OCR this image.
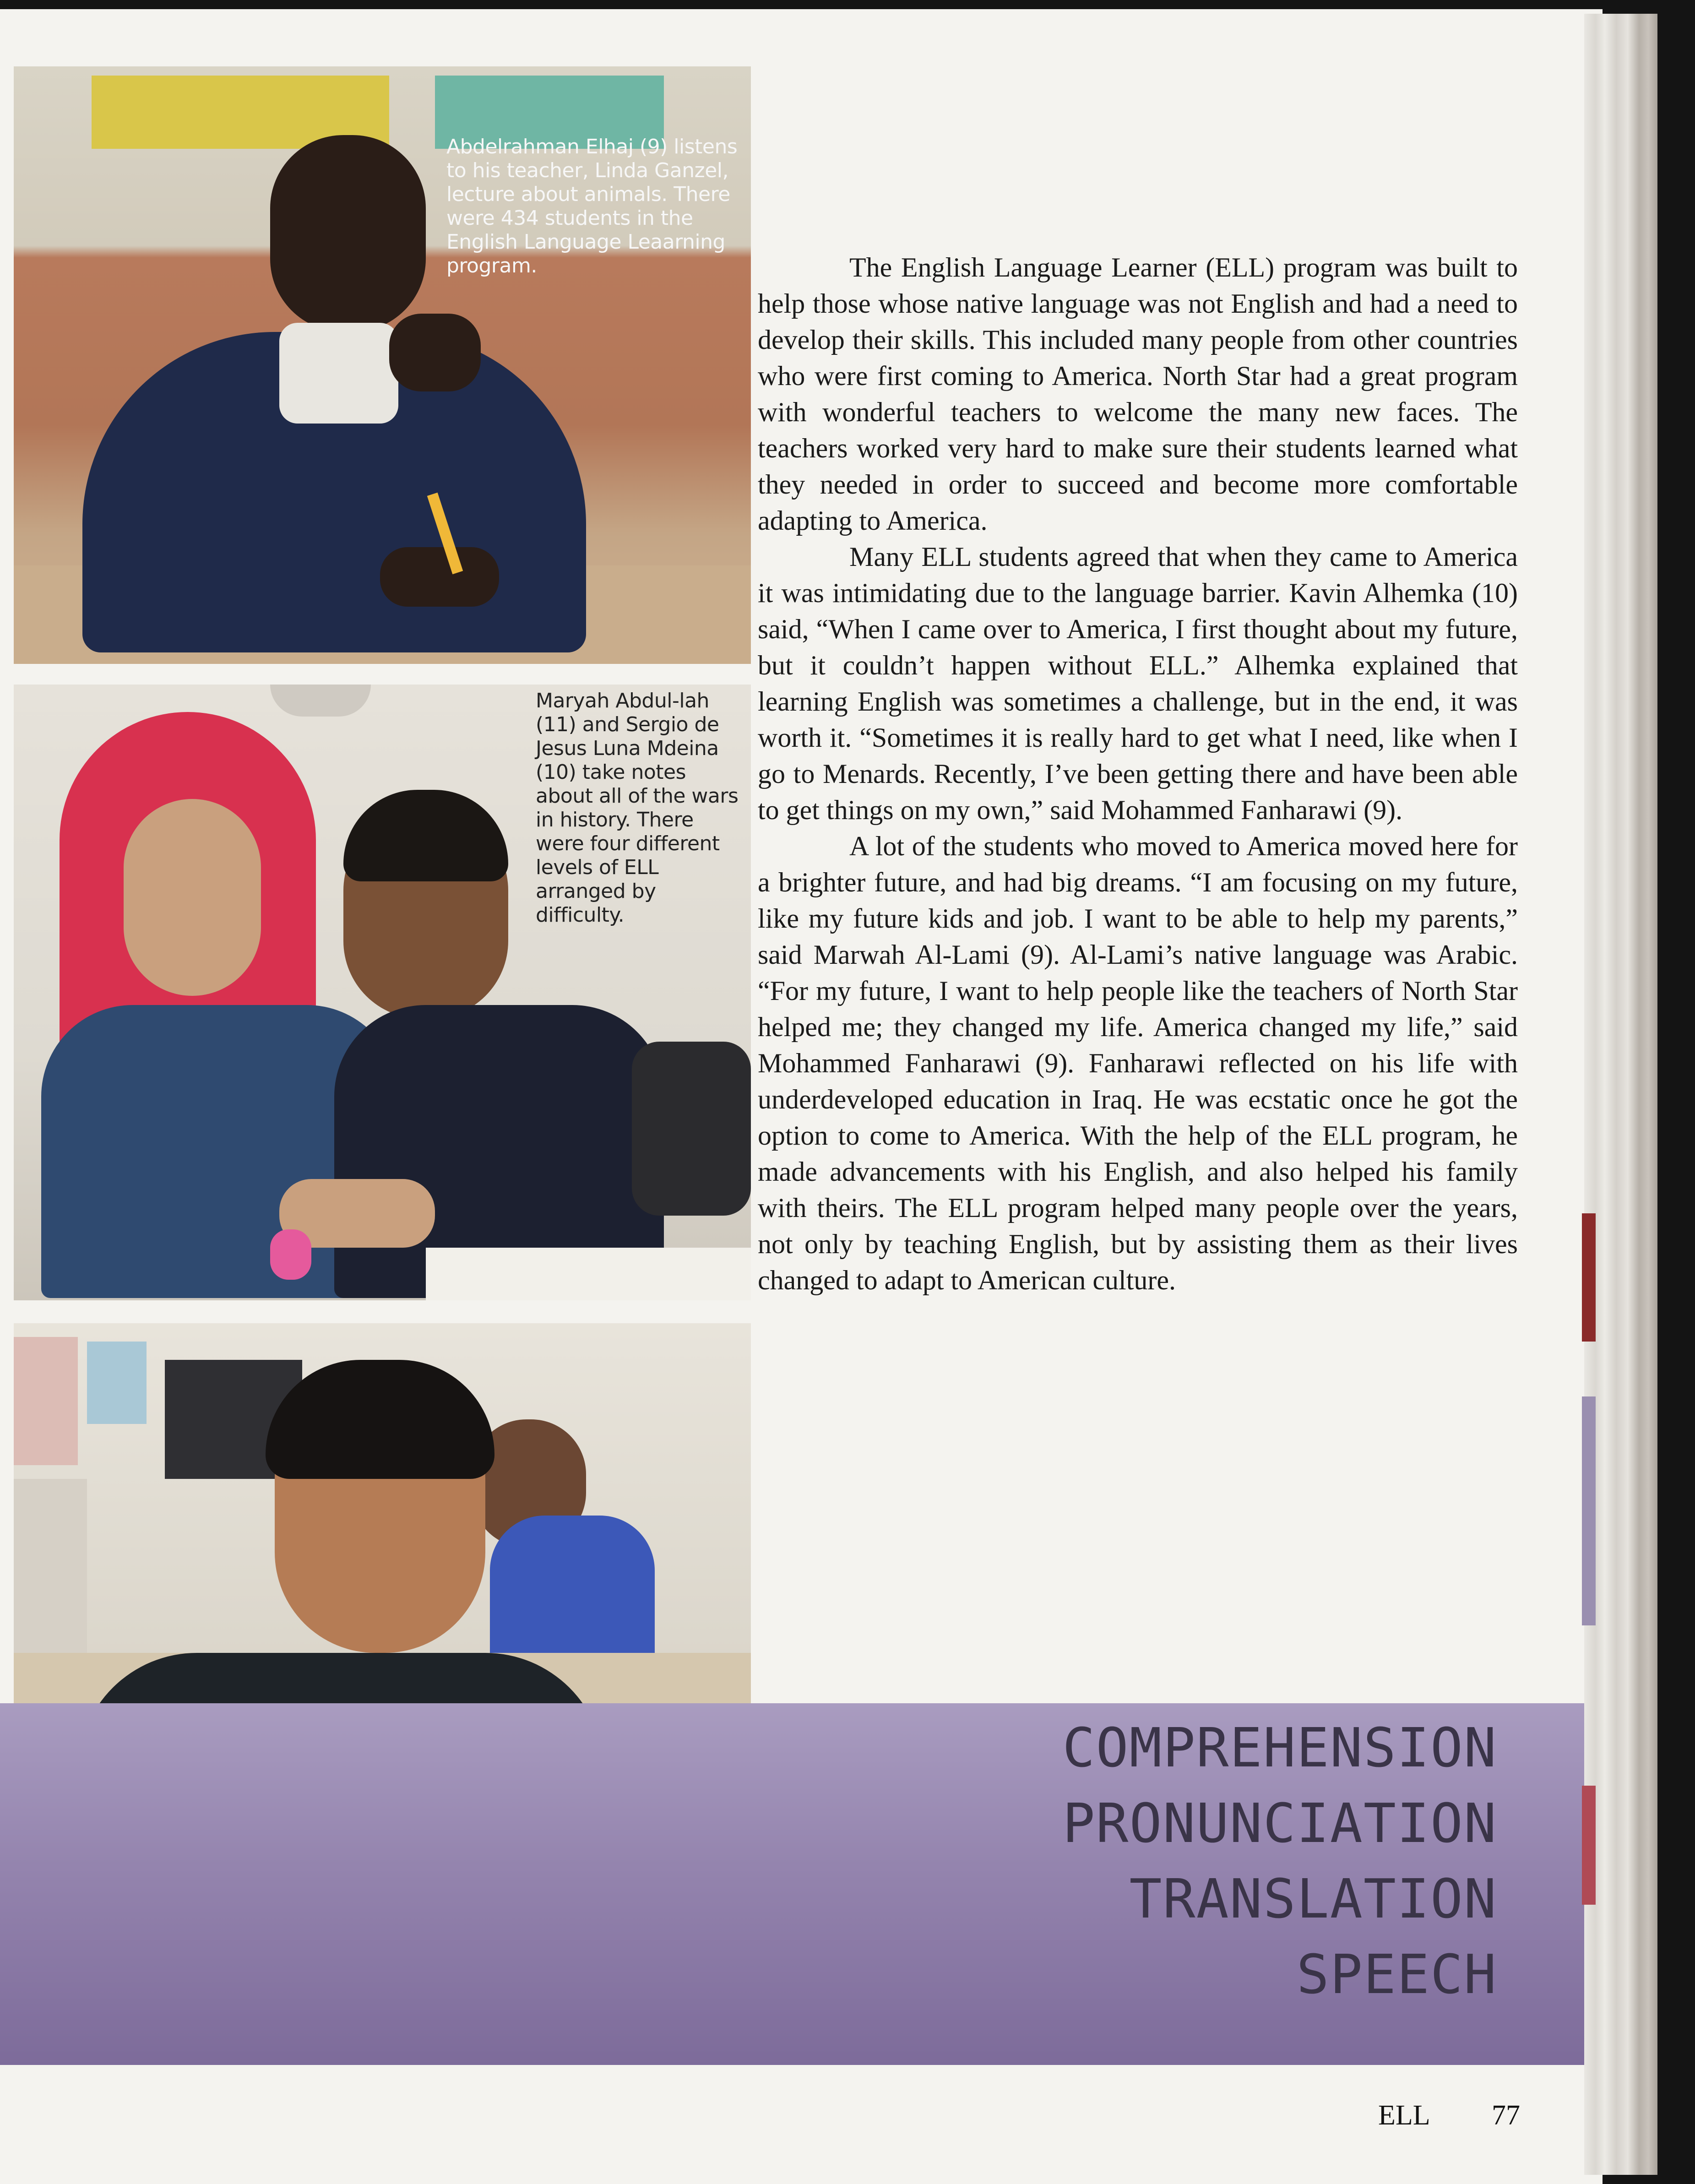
Abdelrahman Elhaj (9) listens to his teacher, Linda Ganzel, lecture about animals. There were 434 students in the English Language Leaarning program.

Maryah Abdul-lah (11) and Sergio de Jesus Luna Mdeina (10) take notes about all of the wars in history. There were four different levels of ELL arranged by difficulty.

COMPREHENSION
PRONUNCIATION
TRANSLATION
SPEECH

The English Language Learner (ELL) program was built to help those whose native language was not English and had a need to develop their skills. This included many people from other countries who were first coming to America. North Star had a great program with wonderful teachers to welcome the many new faces. The teachers worked very hard to make sure their students learned what they needed in order to succeed and become more comfortable adapting to America.

Many ELL students agreed that when they came to America it was intimidating due to the language barrier. Kavin Alhemka (10) said, “When I came over to America, I first thought about my future, but it couldn’t happen without ELL.” Alhemka explained that learning English was sometimes a challenge, but in the end, it was worth it. “Sometimes it is really hard to get what I need, like when I go to Menards. Recently, I’ve been getting there and have been able to get things on my own,” said Mohammed Fanharawi (9).

A lot of the students who moved to America moved here for a brighter future, and had big dreams. “I am focusing on my future, like my future kids and job. I want to be able to help my parents,” said Marwah Al-Lami (9). Al-Lami’s native language was Arabic. “For my future, I want to help people like the teachers of North Star helped me; they changed my life. America changed my life,” said Mohammed Fanharawi (9). Fanharawi reflected on his life with underdeveloped education in Iraq. He was ecstatic once he got the option to come to America. With the help of the ELL program, he made advancements with his English, and also helped his family with theirs. The ELL program helped many people over the years, not only by teaching English, but by assisting them as their lives changed to adapt to American culture.

ELL 77
